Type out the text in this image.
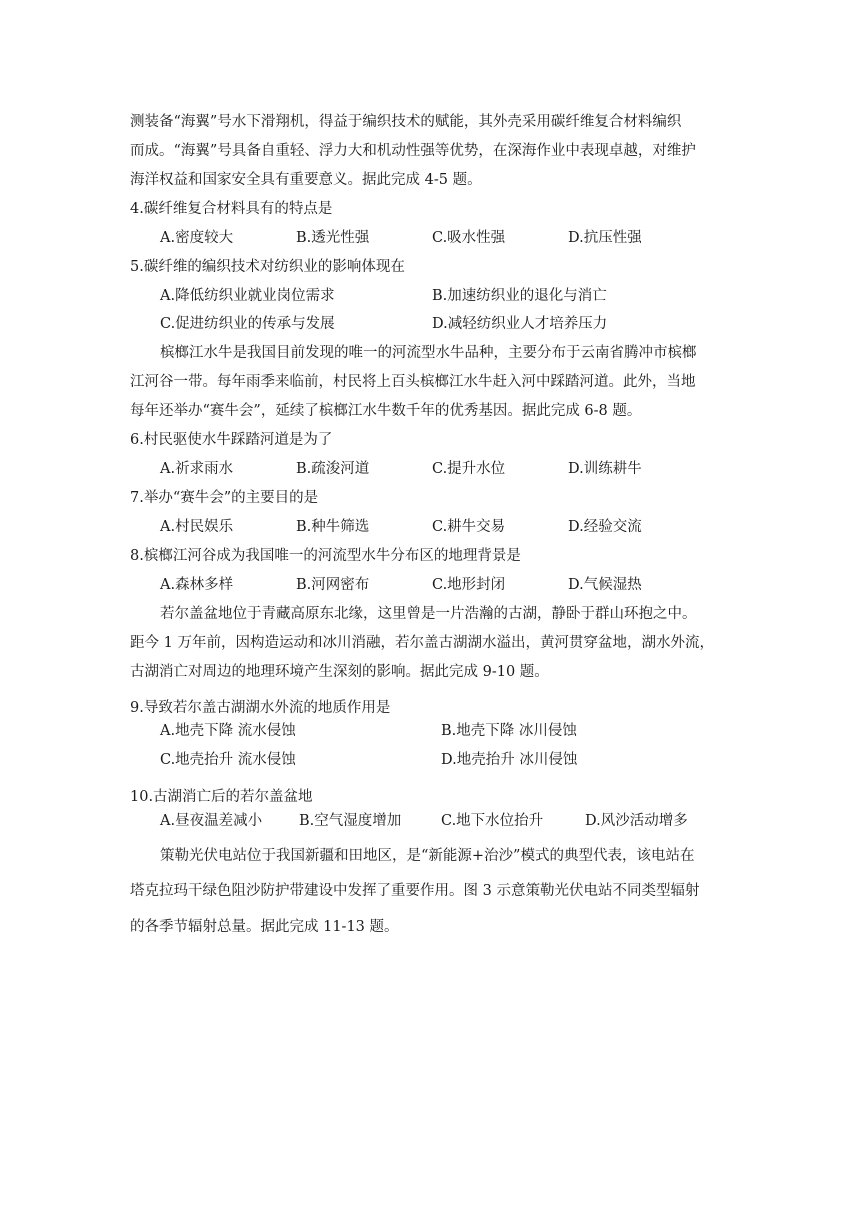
测装备“海翼”号水下滑翔机，得益于编织技术的赋能，其外壳采用碳纤维复合材料编织
而成。“海翼”号具备自重轻、浮力大和机动性强等优势，在深海作业中表现卓越，对维护
海洋权益和国家安全具有重要意义。据此完成 4-5 题。
4.碳纤维复合材料具有的特点是
A.密度较大	B.透光性强	C.吸水性强	D.抗压性强
5.碳纤维的编织技术对纺织业的影响体现在
A.降低纺织业就业岗位需求	B.加速纺织业的退化与消亡
C.促进纺织业的传承与发展	D.减轻纺织业人才培养压力
槟榔江水牛是我国目前发现的唯一的河流型水牛品种，主要分布于云南省腾冲市槟榔
江河谷一带。每年雨季来临前，村民将上百头槟榔江水牛赶入河中踩踏河道。此外，当地
每年还举办“赛牛会”，延续了槟榔江水牛数千年的优秀基因。据此完成 6-8 题。
6.村民驱使水牛踩踏河道是为了
A.祈求雨水	B.疏浚河道	C.提升水位	D.训练耕牛
7.举办“赛牛会”的主要目的是
A.村民娱乐	B.种牛筛选	C.耕牛交易	D.经验交流
8.槟榔江河谷成为我国唯一的河流型水牛分布区的地理背景是
A.森林多样	B.河网密布	C.地形封闭	D.气候湿热
若尔盖盆地位于青藏高原东北缘，这里曾是一片浩瀚的古湖，静卧于群山环抱之中。
距今 1 万年前，因构造运动和冰川消融，若尔盖古湖湖水溢出，黄河贯穿盆地，湖水外流，
古湖消亡对周边的地理环境产生深刻的影响。据此完成 9-10 题。
9.导致若尔盖古湖湖水外流的地质作用是
A.地壳下降 流水侵蚀	B.地壳下降 冰川侵蚀
C.地壳抬升 流水侵蚀	D.地壳抬升 冰川侵蚀
10.古湖消亡后的若尔盖盆地
A.昼夜温差减小	B.空气湿度增加	C.地下水位抬升	D.风沙活动增多
策勒光伏电站位于我国新疆和田地区，是“新能源+治沙”模式的典型代表，该电站在
塔克拉玛干绿色阻沙防护带建设中发挥了重要作用。图 3 示意策勒光伏电站不同类型辐射
的各季节辐射总量。据此完成 11-13 题。
